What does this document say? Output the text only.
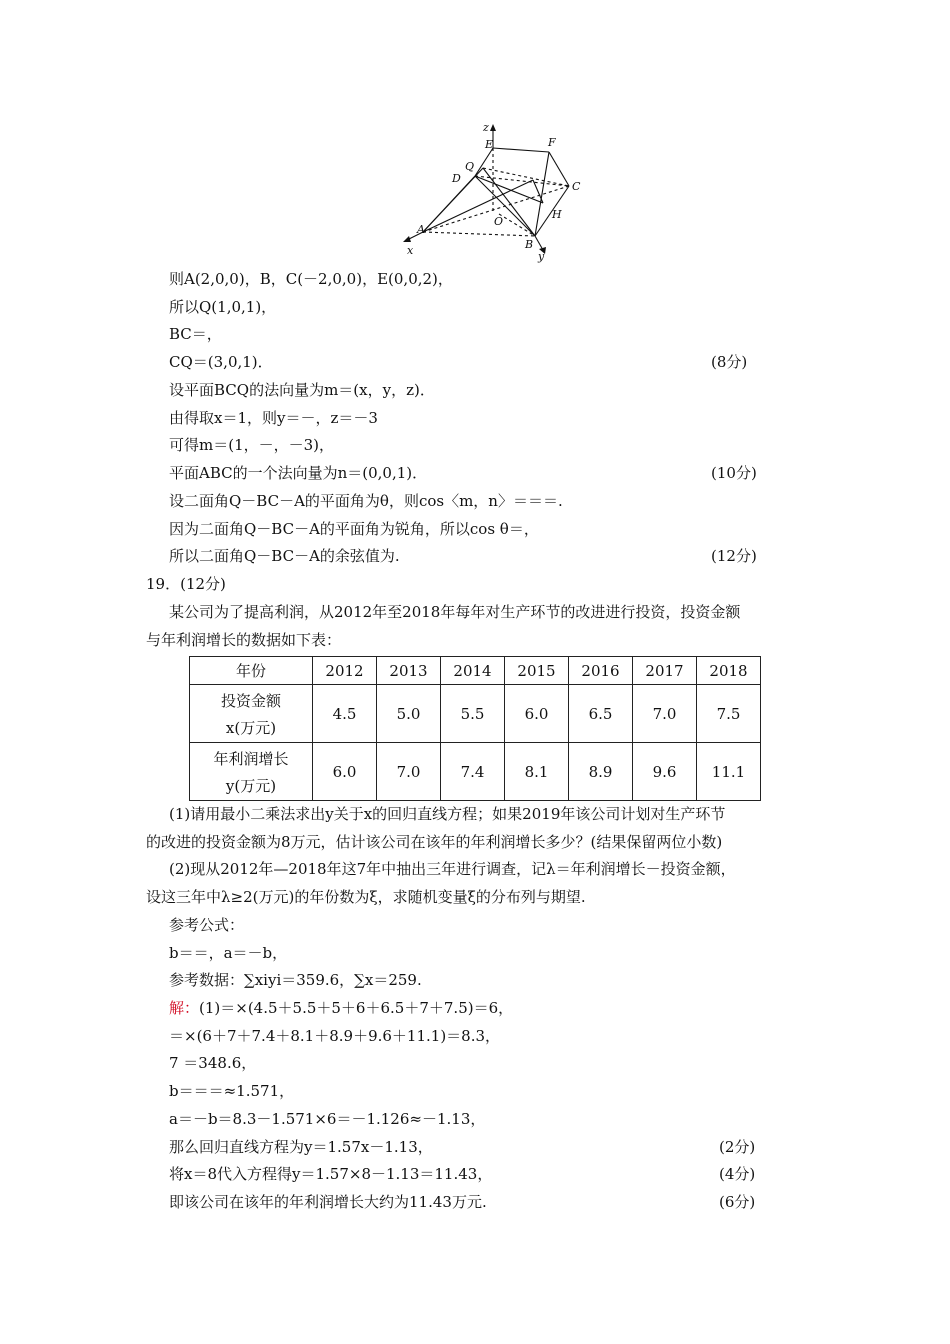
z
E	F
Q
D
C
O
H
A
B
x	y
则A(2,0,0)，B，C(－2,0,0)，E(0,0,2)，
所以Q(1,0,1)，
BC＝，
CQ＝(3,0,1)．	(8分)
设平面BCQ的法向量为m＝(x，y，z)．
由得取x＝1，则y＝－，z＝－3
可得m＝(1，－，－3)，
平面ABC的一个法向量为n＝(0,0,1)．	(10分)
设二面角Q－BC－A的平面角为θ，则cos〈m，n〉＝＝＝.
因为二面角Q－BC－A的平面角为锐角，所以cos θ＝，
所以二面角Q－BC－A的余弦值为.	(12分)
19．(12分)
某公司为了提高利润，从2012年至2018年每年对生产环节的改进进行投资，投资金额
与年利润增长的数据如下表：
年份	2012	2013	2014	2015	2016	2017	2018

投资金额
x(万元)	4.5	5.0	5.5	6.0	6.5	7.0	7.5

年利润增长
y(万元)	6.0	7.0	7.4	8.1	8.9	9.6	11.1
(1)请用最小二乘法求出y关于x的回归直线方程；如果2019年该公司计划对生产环节
的改进的投资金额为8万元，估计该公司在该年的年利润增长多少？(结果保留两位小数)
(2)现从2012年—2018年这7年中抽出三年进行调查，记λ＝年利润增长－投资金额，
设这三年中λ≥2(万元)的年份数为ξ，求随机变量ξ的分布列与期望.
参考公式：
b＝＝，a＝－b，
参考数据：∑xiyi＝359.6，∑x＝259.
解：(1)＝×(4.5＋5.5＋5＋6＋6.5＋7＋7.5)＝6，
＝×(6＋7＋7.4＋8.1＋8.9＋9.6＋11.1)＝8.3，
7 ＝348.6，
b＝＝＝≈1.571，
a＝－b＝8.3－1.571×6＝－1.126≈－1.13，
那么回归直线方程为y＝1.57x－1.13，	(2分)
将x＝8代入方程得y＝1.57×8－1.13＝11.43，	(4分)
即该公司在该年的年利润增长大约为11.43万元.	(6分)
